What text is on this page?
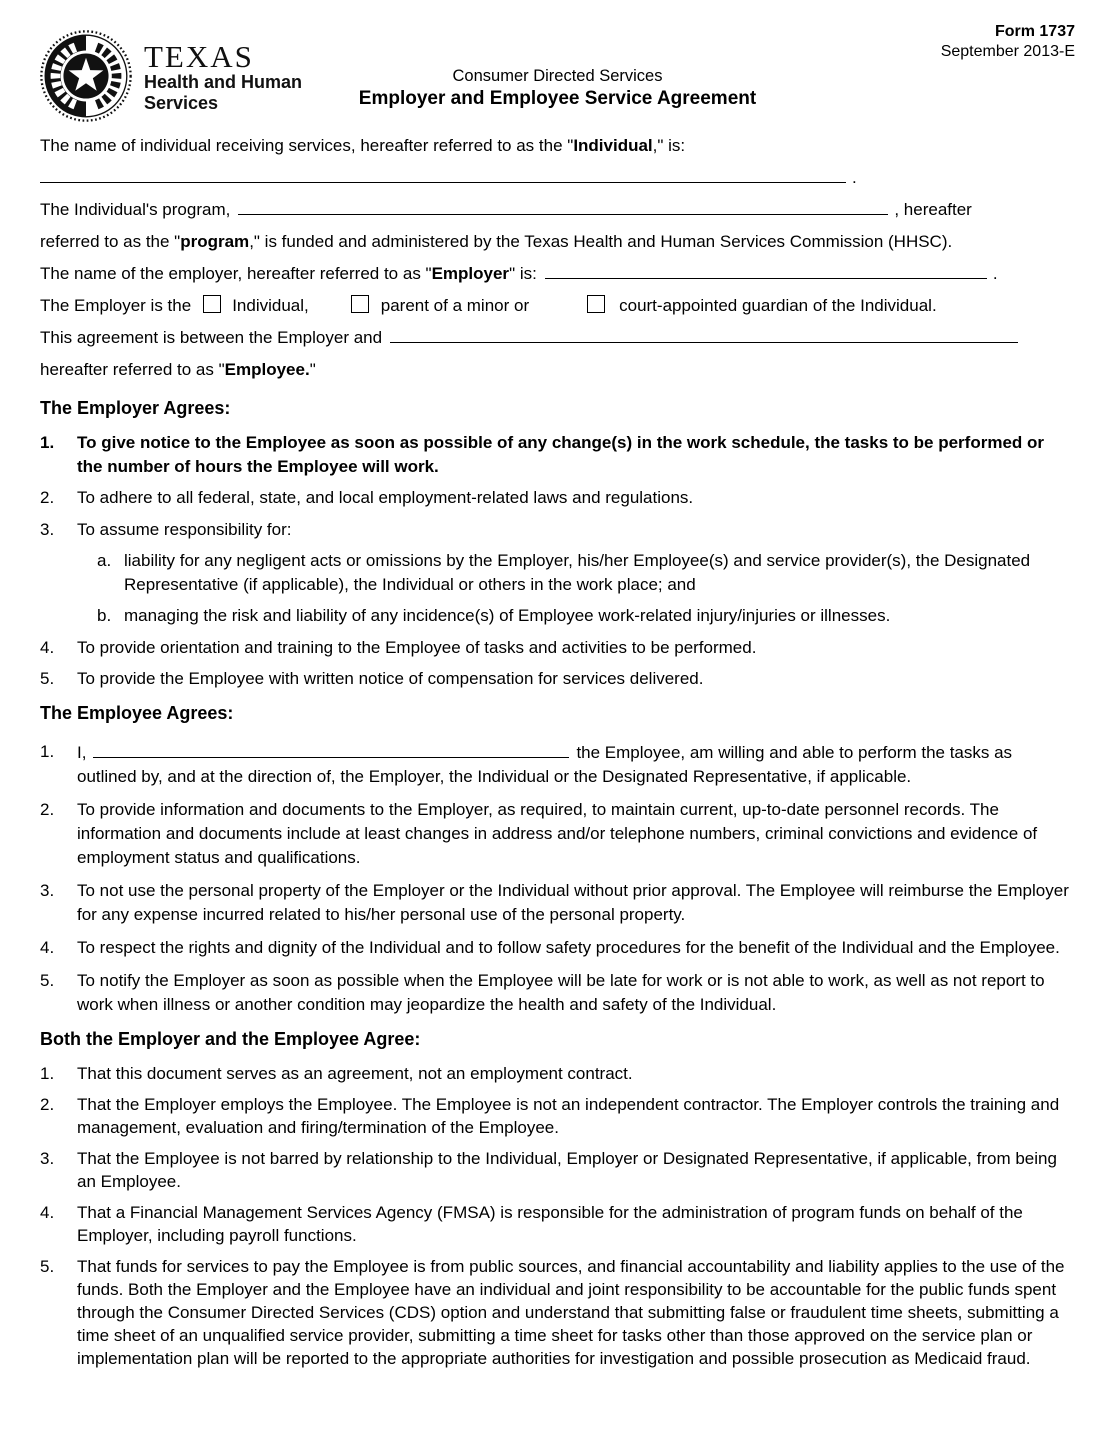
TEXAS
Health and Human
Services
Form 1737
September 2013-E
Consumer Directed Services
Employer and Employee Service Agreement

The name of individual receiving services, hereafter referred to as the "Individual," is:

.

The Individual's program,	, hereafter

referred to as the "program," is funded and administered by the Texas Health and Human Services Commission (HHSC).

The name of the employer, hereafter referred to as "Employer" is:	.

The Employer is the Individual,	parent of a minor or	court-appointed guardian of the Individual.

This agreement is between the Employer and

hereafter referred to as "Employee."

The Employer Agrees:
1.	To give notice to the Employee as soon as possible of any change(s) in the work schedule, the tasks to be performed or the number of hours the Employee will work.
2.	To adhere to all federal, state, and local employment-related laws and regulations.
3.	To assume responsibility for:
a. liability for any negligent acts or omissions by the Employer, his/her Employee(s) and service provider(s), the Designated Representative (if applicable), the Individual or others in the work place; and
b. managing the risk and liability of any incidence(s) of Employee work-related injury/injuries or illnesses.
4.	To provide orientation and training to the Employee of tasks and activities to be performed.
5.	To provide the Employee with written notice of compensation for services delivered.
The Employee Agrees:
1.	I,	the Employee, am willing and able to perform the tasks as outlined by, and at the direction of, the Employer, the Individual or the Designated Representative, if applicable.
2.	To provide information and documents to the Employer, as required, to maintain current, up-to-date personnel records. The information and documents include at least changes in address and/or telephone numbers, criminal convictions and evidence of employment status and qualifications.
3.	To not use the personal property of the Employer or the Individual without prior approval. The Employee will reimburse the Employer for any expense incurred related to his/her personal use of the personal property.
4.	To respect the rights and dignity of the Individual and to follow safety procedures for the benefit of the Individual and the Employee.
5.	To notify the Employer as soon as possible when the Employee will be late for work or is not able to work, as well as not report to work when illness or another condition may jeopardize the health and safety of the Individual.
Both the Employer and the Employee Agree:
1.	That this document serves as an agreement, not an employment contract.
2.	That the Employer employs the Employee. The Employee is not an independent contractor. The Employer controls the training and management, evaluation and firing/termination of the Employee.
3.	That the Employee is not barred by relationship to the Individual, Employer or Designated Representative, if applicable, from being an Employee.
4.	That a Financial Management Services Agency (FMSA) is responsible for the administration of program funds on behalf of the Employer, including payroll functions.
5.	That funds for services to pay the Employee is from public sources, and financial accountability and liability applies to the use of the funds. Both the Employer and the Employee have an individual and joint responsibility to be accountable for the public funds spent through the Consumer Directed Services (CDS) option and understand that submitting false or fraudulent time sheets, submitting a time sheet of an unqualified service provider, submitting a time sheet for tasks other than those approved on the service plan or implementation plan will be reported to the appropriate authorities for investigation and possible prosecution as Medicaid fraud.
